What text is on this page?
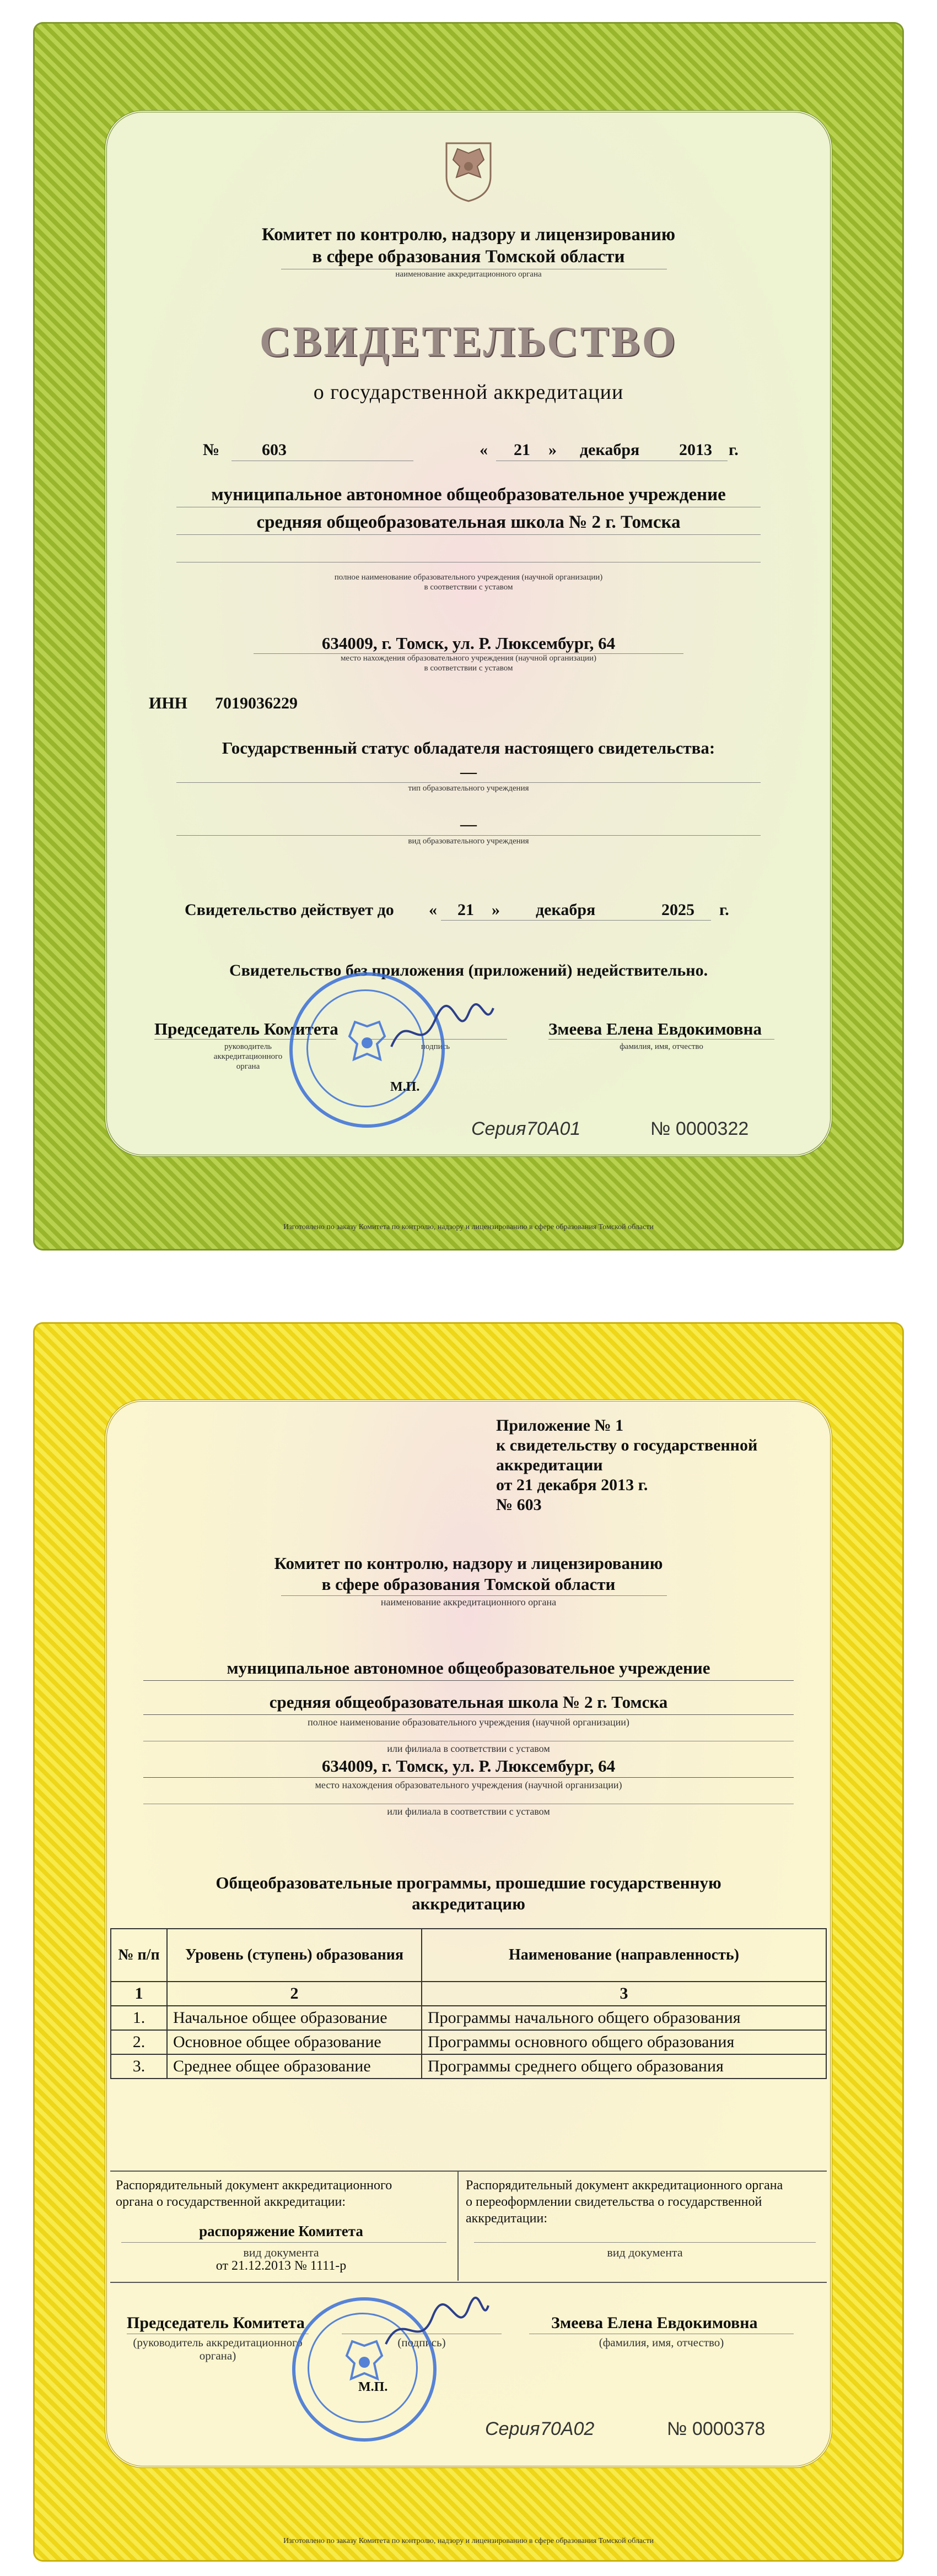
Комитет по контролю, надзору и лицензированию
в сфере образования Томской области
наименование аккредитационного органа
СВИДЕТЕЛЬСТВО
о государственной аккредитации
№	603	« 21 » декабря 2013 г.
муниципальное автономное общеобразовательное учреждение
средняя общеобразовательная школа № 2 г. Томска
полное наименование образовательного учреждения (научной организации)
в соответствии с уставом
634009, г. Томск, ул. Р. Люксембург, 64
место нахождения образовательного учреждения (научной организации)
в соответствии с уставом
ИНН 7019036229
Государственный статус обладателя настоящего свидетельства:
—
тип образовательного учреждения
—
вид образовательного учреждения
Свидетельство действует до « 21 » декабря	2025 г.
Свидетельство без приложения (приложений) недействительно.
Председатель Комитета
руководитель
аккредитационного
органа
подпись
Змеева Елена Евдокимовна
фамилия, имя, отчество
М.П.
Серия 70А01	№ 0000322
Изготовлено по заказу Комитета по контролю, надзору и лицензированию в сфере образования Томской области
Приложение № 1
к свидетельству о государственной
аккредитации
от 21 декабря 2013 г.
№ 603
Комитет по контролю, надзору и лицензированию
в сфере образования Томской области
наименование аккредитационного органа
муниципальное автономное общеобразовательное учреждение
средняя общеобразовательная школа № 2 г. Томска
полное наименование образовательного учреждения (научной организации)
или филиала в соответствии с уставом
634009, г. Томск, ул. Р. Люксембург, 64
место нахождения образовательного учреждения (научной организации)
или филиала в соответствии с уставом
Общеобразовательные программы, прошедшие государственную
аккредитацию
№ п/п	Уровень (ступень) образования	Наименование (направленность)
1	2	3
1.	Начальное общее образование	Программы начального общего образования
2.	Основное общее образование	Программы основного общего образования
3.	Среднее общее образование	Программы среднего общего образования
Распорядительный документ аккредитационного
органа о государственной аккредитации:
распоряжение Комитета
вид документа
от 21.12.2013 № 1111-р
Распорядительный документ аккредитационного органа
о переоформлении свидетельства о государственной
аккредитации:
вид документа
Председатель Комитета
(руководитель аккредитационного
органа)
(подпись)
Змеева Елена Евдокимовна
(фамилия, имя, отчество)
М.П.
Серия 70А02	№ 0000378
Изготовлено по заказу Комитета по контролю, надзору и лицензированию в сфере образования Томской области
